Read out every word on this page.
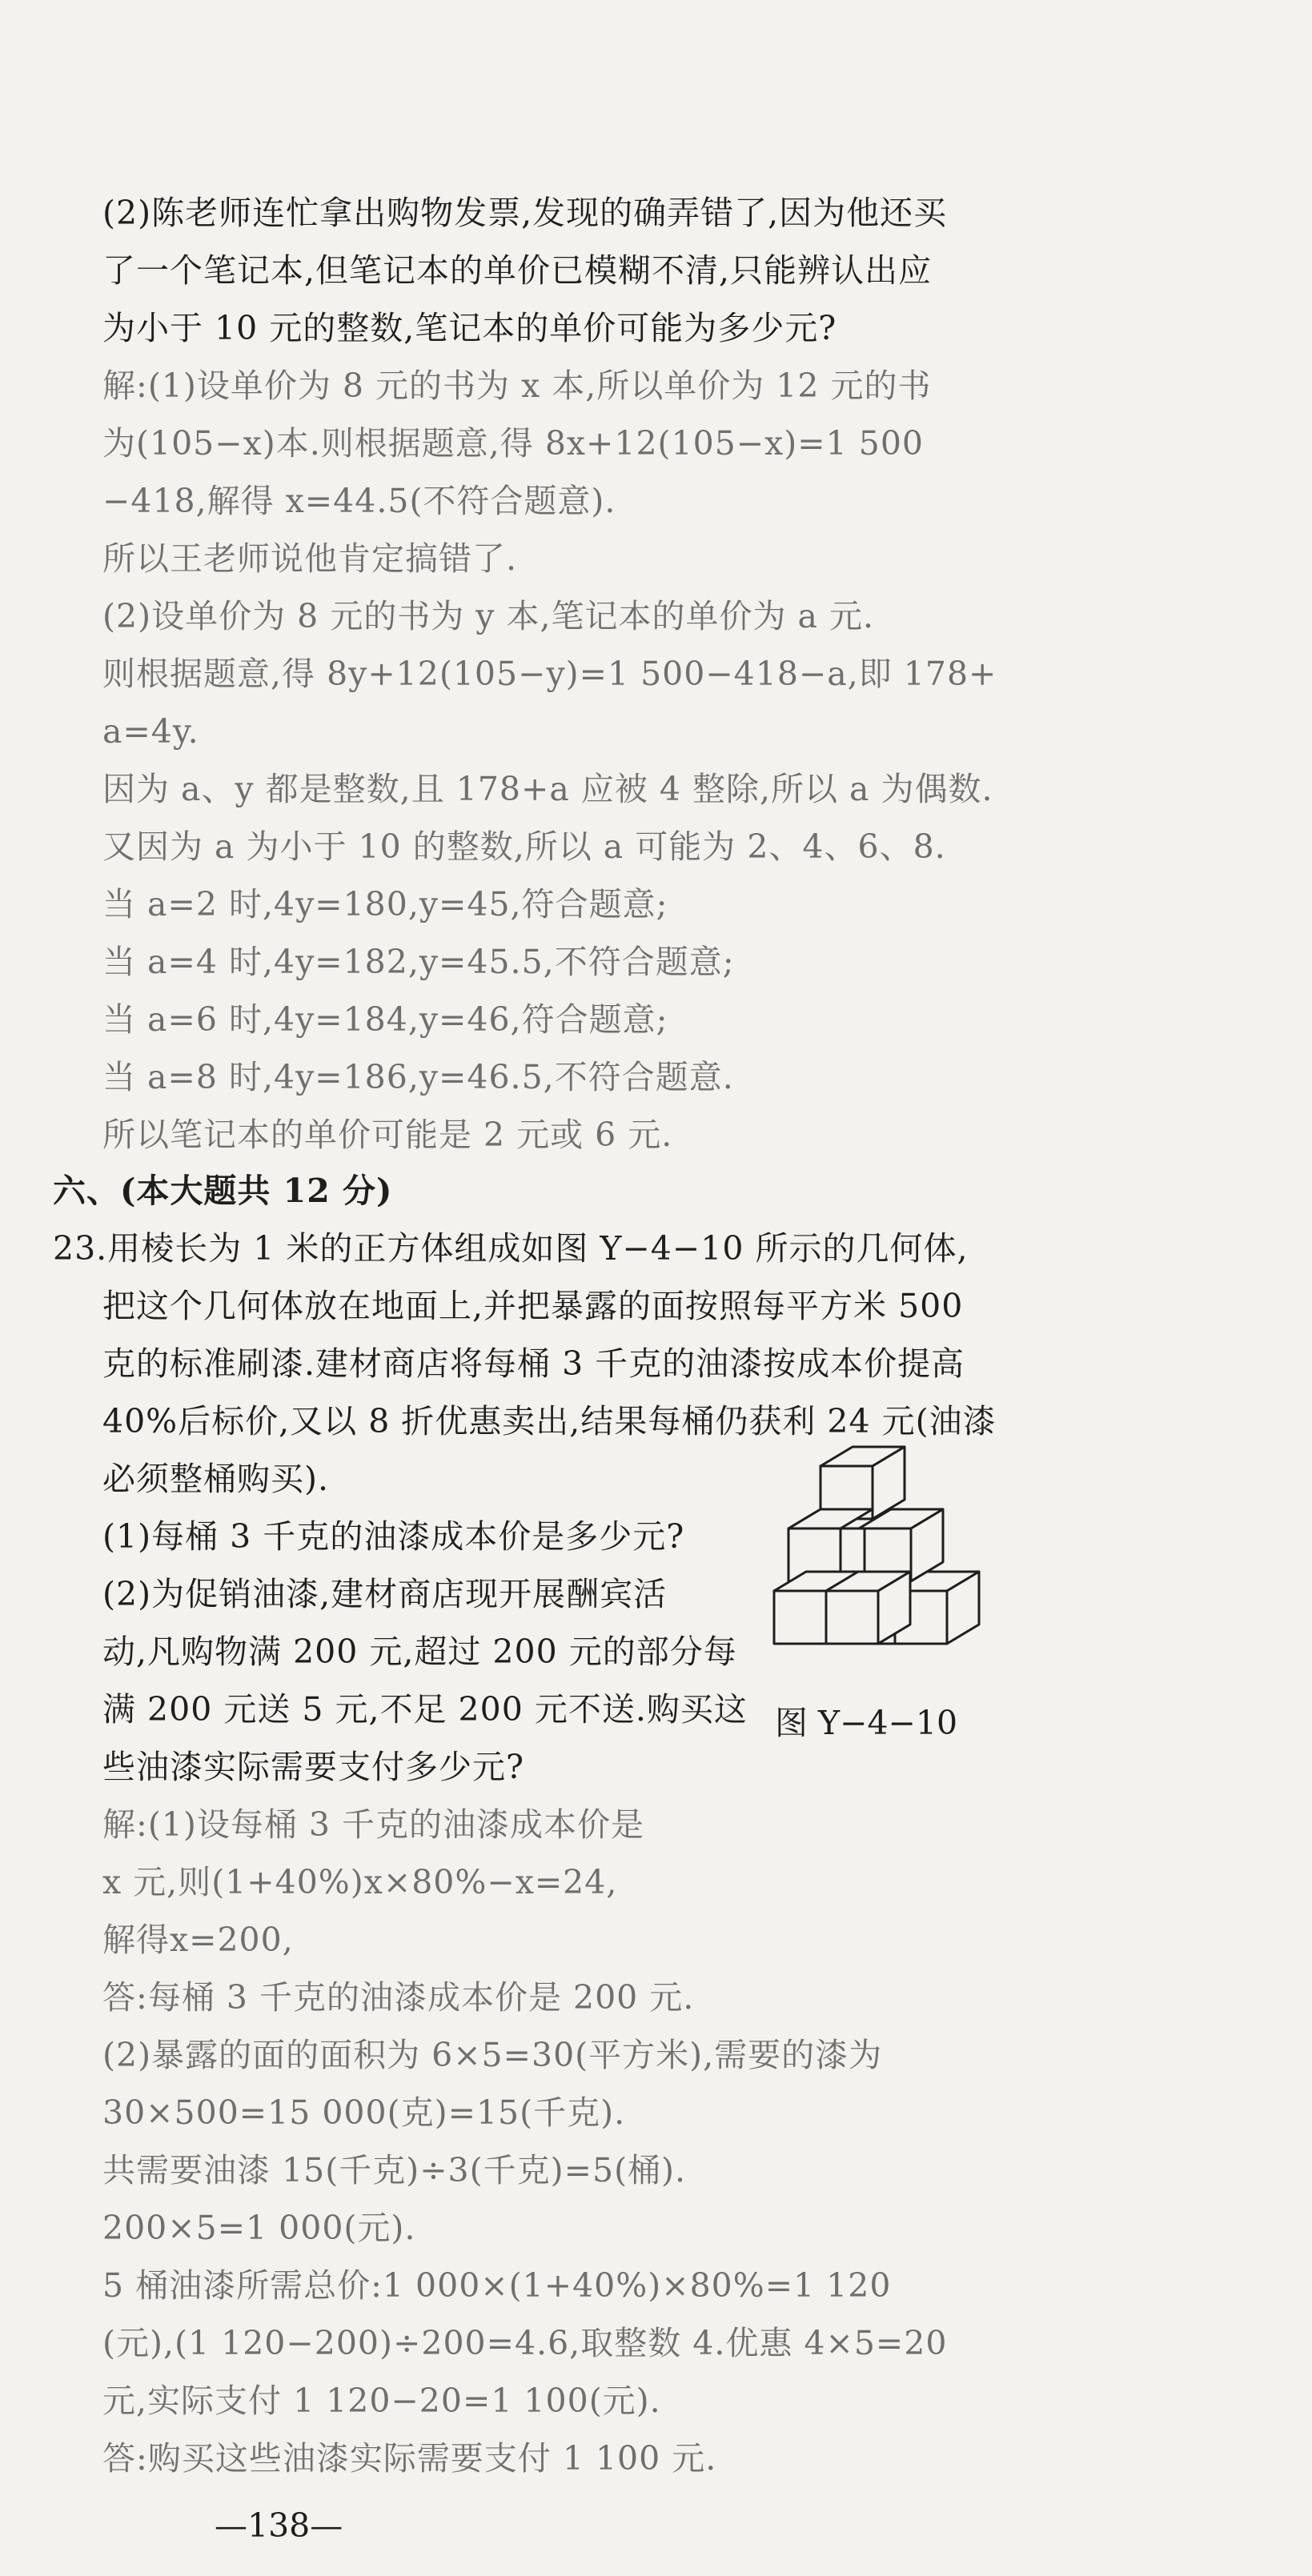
(2)陈老师连忙拿出购物发票,发现的确弄错了,因为他还买
了一个笔记本,但笔记本的单价已模糊不清,只能辨认出应
为小于 10 元的整数,笔记本的单价可能为多少元?
解:(1)设单价为 8 元的书为 x 本,所以单价为 12 元的书
为(105−x)本.则根据题意,得 8x+12(105−x)=1 500
−418,解得 x=44.5(不符合题意).
所以王老师说他肯定搞错了.
(2)设单价为 8 元的书为 y 本,笔记本的单价为 a 元.
则根据题意,得 8y+12(105−y)=1 500−418−a,即 178+
a=4y.
因为 a、y 都是整数,且 178+a 应被 4 整除,所以 a 为偶数.
又因为 a 为小于 10 的整数,所以 a 可能为 2、4、6、8.
当 a=2 时,4y=180,y=45,符合题意;
当 a=4 时,4y=182,y=45.5,不符合题意;
当 a=6 时,4y=184,y=46,符合题意;
当 a=8 时,4y=186,y=46.5,不符合题意.
所以笔记本的单价可能是 2 元或 6 元.
六、(本大题共 12 分)
23.用棱长为 1 米的正方体组成如图 Y−4−10 所示的几何体,
把这个几何体放在地面上,并把暴露的面按照每平方米 500
克的标准刷漆.建材商店将每桶 3 千克的油漆按成本价提高
40%后标价,又以 8 折优惠卖出,结果每桶仍获利 24 元(油漆
必须整桶购买).
(1)每桶 3 千克的油漆成本价是多少元?
(2)为促销油漆,建材商店现开展酬宾活
动,凡购物满 200 元,超过 200 元的部分每
满 200 元送 5 元,不足 200 元不送.购买这
些油漆实际需要支付多少元?
图 Y−4−10
解:(1)设每桶 3 千克的油漆成本价是
x 元,则(1+40%)x×80%−x=24,
解得x=200,
答:每桶 3 千克的油漆成本价是 200 元.
(2)暴露的面的面积为 6×5=30(平方米),需要的漆为
30×500=15 000(克)=15(千克).
共需要油漆 15(千克)÷3(千克)=5(桶).
200×5=1 000(元).
5 桶油漆所需总价:1 000×(1+40%)×80%=1 120
(元),(1 120−200)÷200=4.6,取整数 4.优惠 4×5=20
元,实际支付 1 120−20=1 100(元).
答:购买这些油漆实际需要支付 1 100 元.
—138—
